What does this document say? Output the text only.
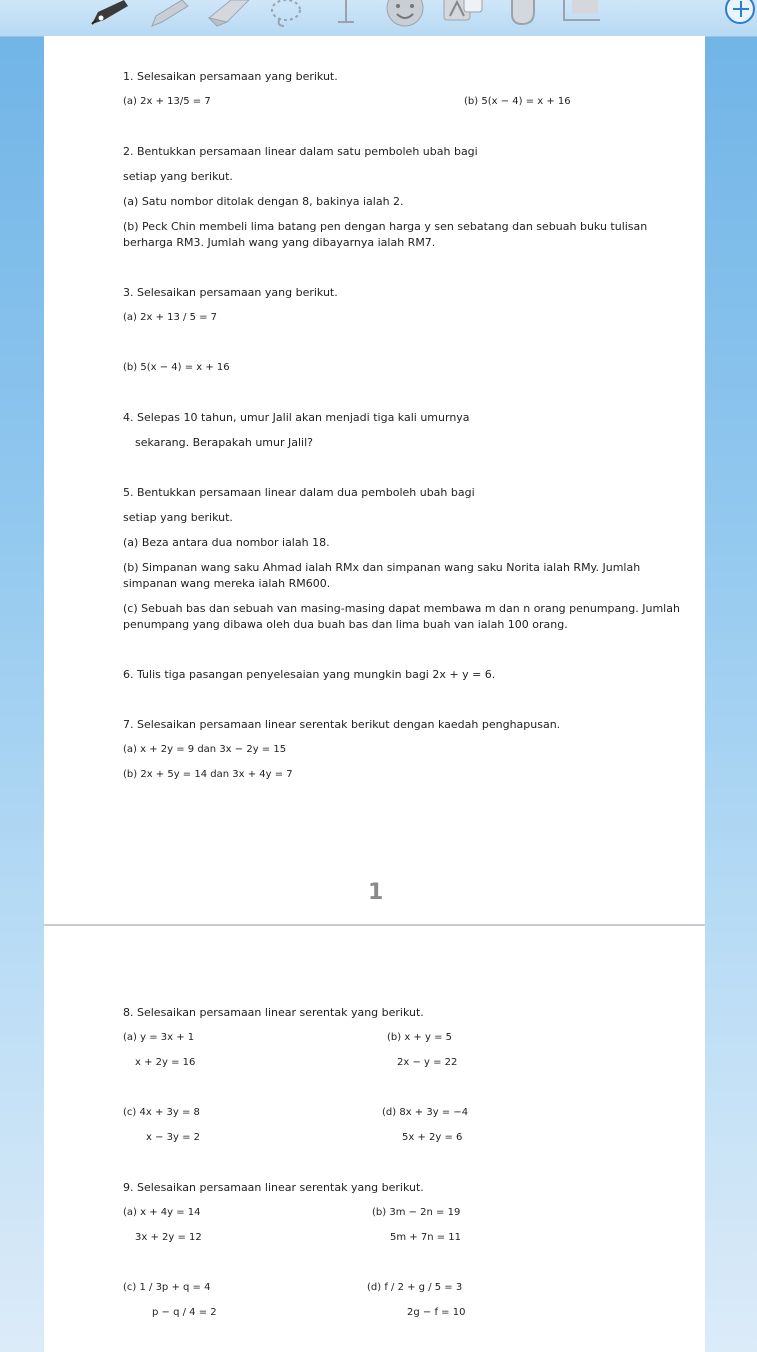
1. Selesaikan persamaan yang berikut.
(a) 2x + 13/5 = 7	(b) 5(x − 4) = x + 16
2. Bentukkan persamaan linear dalam satu pemboleh ubah bagi
setiap yang berikut.
(a) Satu nombor ditolak dengan 8, bakinya ialah 2.
(b) Peck Chin membeli lima batang pen dengan harga y sen sebatang dan sebuah buku tulisan
berharga RM3. Jumlah wang yang dibayarnya ialah RM7.
3. Selesaikan persamaan yang berikut.
(a) 2x + 13 / 5 = 7
(b) 5(x − 4) = x + 16
4. Selepas 10 tahun, umur Jalil akan menjadi tiga kali umurnya
sekarang. Berapakah umur Jalil?
5. Bentukkan persamaan linear dalam dua pemboleh ubah bagi
setiap yang berikut.
(a) Beza antara dua nombor ialah 18.
(b) Simpanan wang saku Ahmad ialah RMx dan simpanan wang saku Norita ialah RMy. Jumlah
simpanan wang mereka ialah RM600.
(c) Sebuah bas dan sebuah van masing-masing dapat membawa m dan n orang penumpang. Jumlah
penumpang yang dibawa oleh dua buah bas dan lima buah van ialah 100 orang.
6. Tulis tiga pasangan penyelesaian yang mungkin bagi 2x + y = 6.
7. Selesaikan persamaan linear serentak berikut dengan kaedah penghapusan.
(a) x + 2y = 9 dan 3x − 2y = 15
(b) 2x + 5y = 14 dan 3x + 4y = 7
1
8. Selesaikan persamaan linear serentak yang berikut.
(a) y = 3x + 1
x + 2y = 16
(b) x + y = 5
2x − y = 22
(c) 4x + 3y = 8
x − 3y = 2
(d) 8x + 3y = −4
5x + 2y = 6
9. Selesaikan persamaan linear serentak yang berikut.
(a) x + 4y = 14
3x + 2y = 12
(b) 3m − 2n = 19
5m + 7n = 11
(c) 1 / 3p + q = 4
p − q / 4 = 2
(d) f / 2 + g / 5 = 3
2g − f = 10
